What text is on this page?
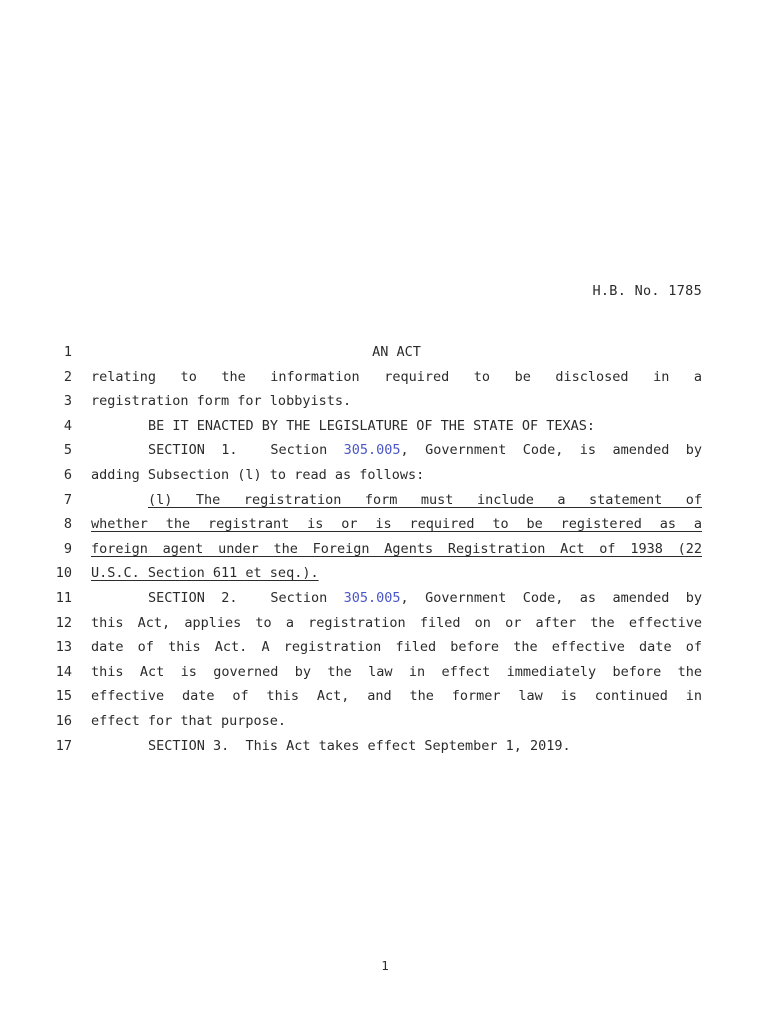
H.B. No. 1785
1	AN ACT
2 relating to the information required to be disclosed in a
3 registration form for lobbyists.
4	BE IT ENACTED BY THE LEGISLATURE OF THE STATE OF TEXAS:
5	SECTION 1.  Section 305.005, Government Code, is amended by
6 adding Subsection (l) to read as follows:
7	(l) The registration form must include a statement of
8 whether the registrant is or is required to be registered as a
9 foreign agent under the Foreign Agents Registration Act of 1938 (22
10 U.S.C. Section 611 et seq.).
11	SECTION 2.  Section 305.005, Government Code, as amended by
12 this Act, applies to a registration filed on or after the effective
13 date of this Act. A registration filed before the effective date of
14 this Act is governed by the law in effect immediately before the
15 effective date of this Act, and the former law is continued in
16 effect for that purpose.
17	SECTION 3.  This Act takes effect September 1, 2019.
1
